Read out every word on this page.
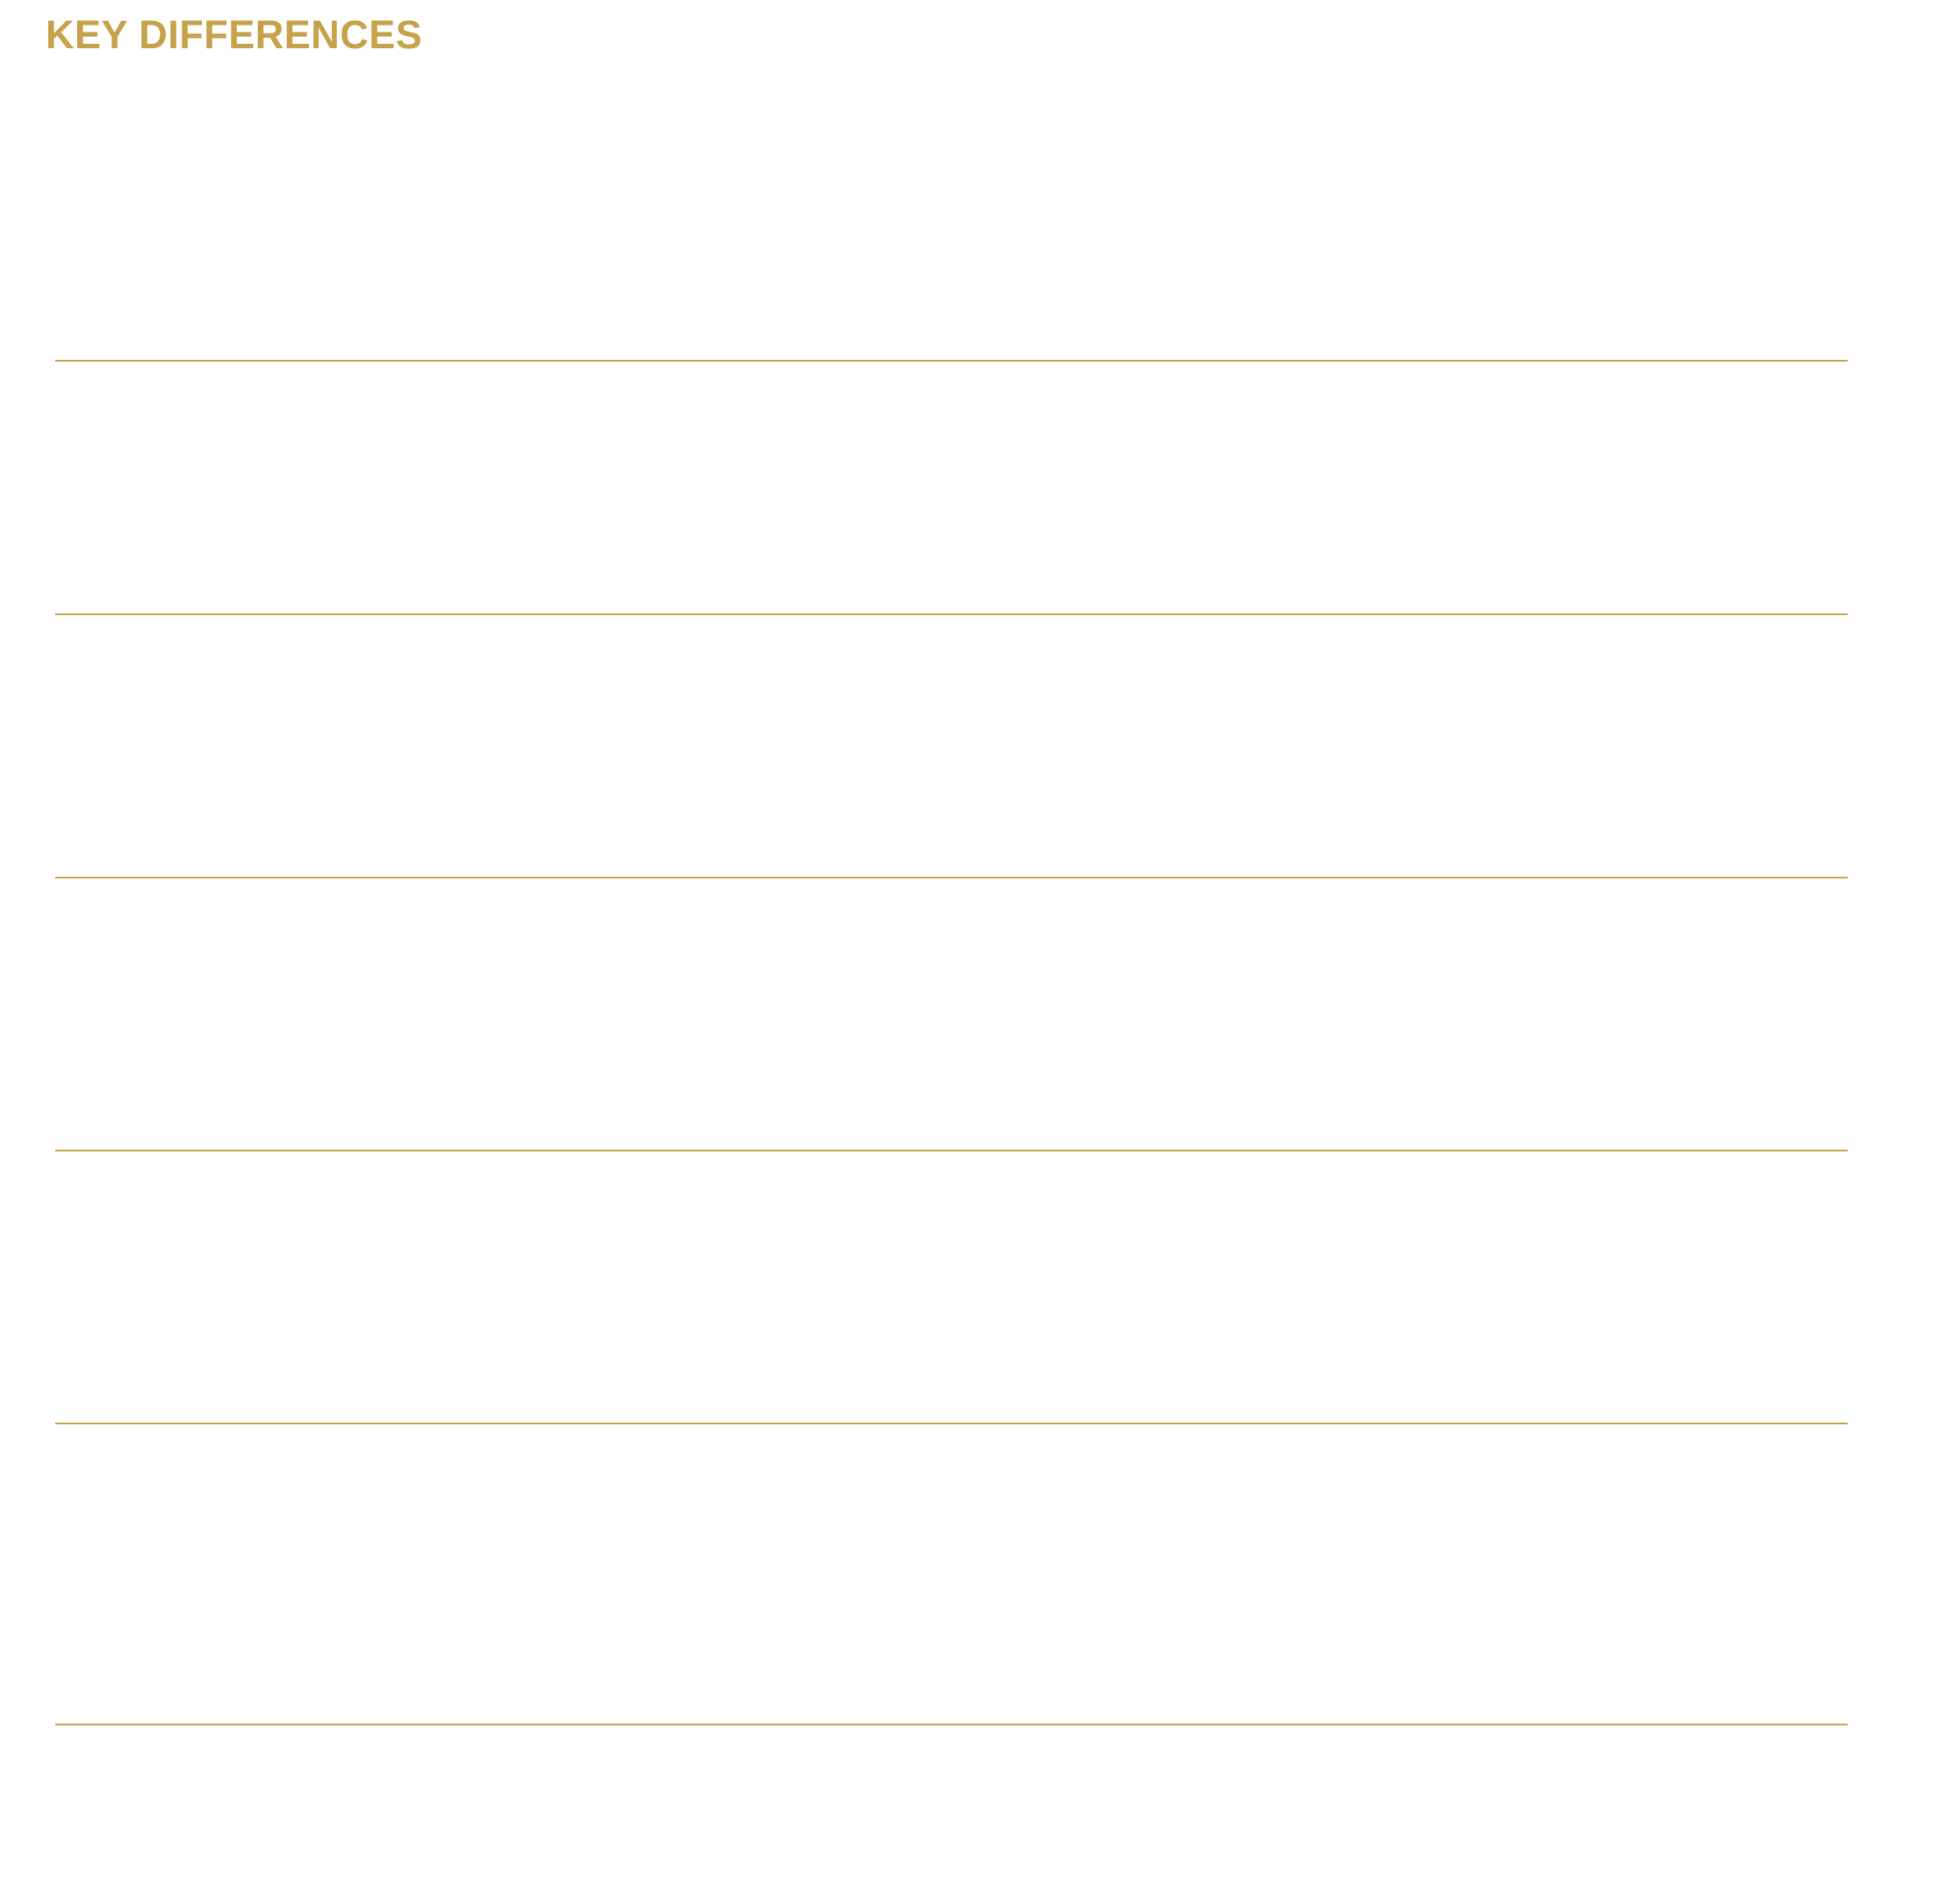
KEY DIFFERENCES
